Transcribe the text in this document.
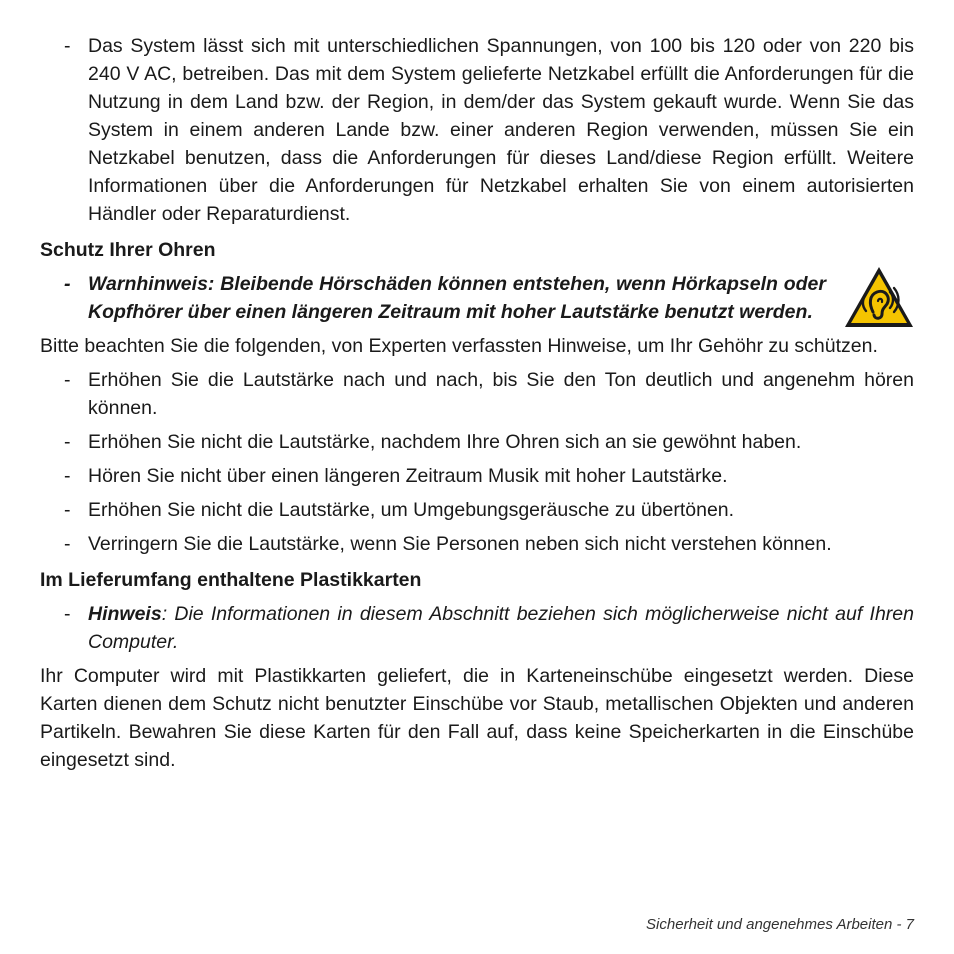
- Das System lässt sich mit unterschiedlichen Spannungen, von 100 bis 120 oder von 220 bis 240 V AC, betreiben. Das mit dem System gelieferte Netzkabel erfüllt die Anforderungen für die Nutzung in dem Land bzw. der Region, in dem/der das System gekauft wurde. Wenn Sie das System in einem anderen Lande bzw. einer anderen Region verwenden, müssen Sie ein Netzkabel benutzen, dass die Anforderungen für dieses Land/diese Region erfüllt. Weitere Informationen über die Anforderungen für Netzkabel erhalten Sie von einem autorisierten Händler oder Reparaturdienst.
Schutz Ihrer Ohren
- Warnhinweis: Bleibende Hörschäden können entstehen, wenn Hörkapseln oder Kopfhörer über einen längeren Zeitraum mit hoher Lautstärke benutzt werden.
Bitte beachten Sie die folgenden, von Experten verfassten Hinweise, um Ihr Gehöhr zu schützen.
- Erhöhen Sie die Lautstärke nach und nach, bis Sie den Ton deutlich und angenehm hören können.
- Erhöhen Sie nicht die Lautstärke, nachdem Ihre Ohren sich an sie gewöhnt haben.
- Hören Sie nicht über einen längeren Zeitraum Musik mit hoher Lautstärke.
- Erhöhen Sie nicht die Lautstärke, um Umgebungsgeräusche zu übertönen.
- Verringern Sie die Lautstärke, wenn Sie Personen neben sich nicht verstehen können.
Im Lieferumfang enthaltene Plastikkarten
- Hinweis: Die Informationen in diesem Abschnitt beziehen sich möglicherweise nicht auf Ihren Computer.
Ihr Computer wird mit Plastikkarten geliefert, die in Karteneinschübe eingesetzt werden. Diese Karten dienen dem Schutz nicht benutzter Einschübe vor Staub, metallischen Objekten und anderen Partikeln. Bewahren Sie diese Karten für den Fall auf, dass keine Speicherkarten in die Einschübe eingesetzt sind.
Sicherheit und angenehmes Arbeiten - 7
